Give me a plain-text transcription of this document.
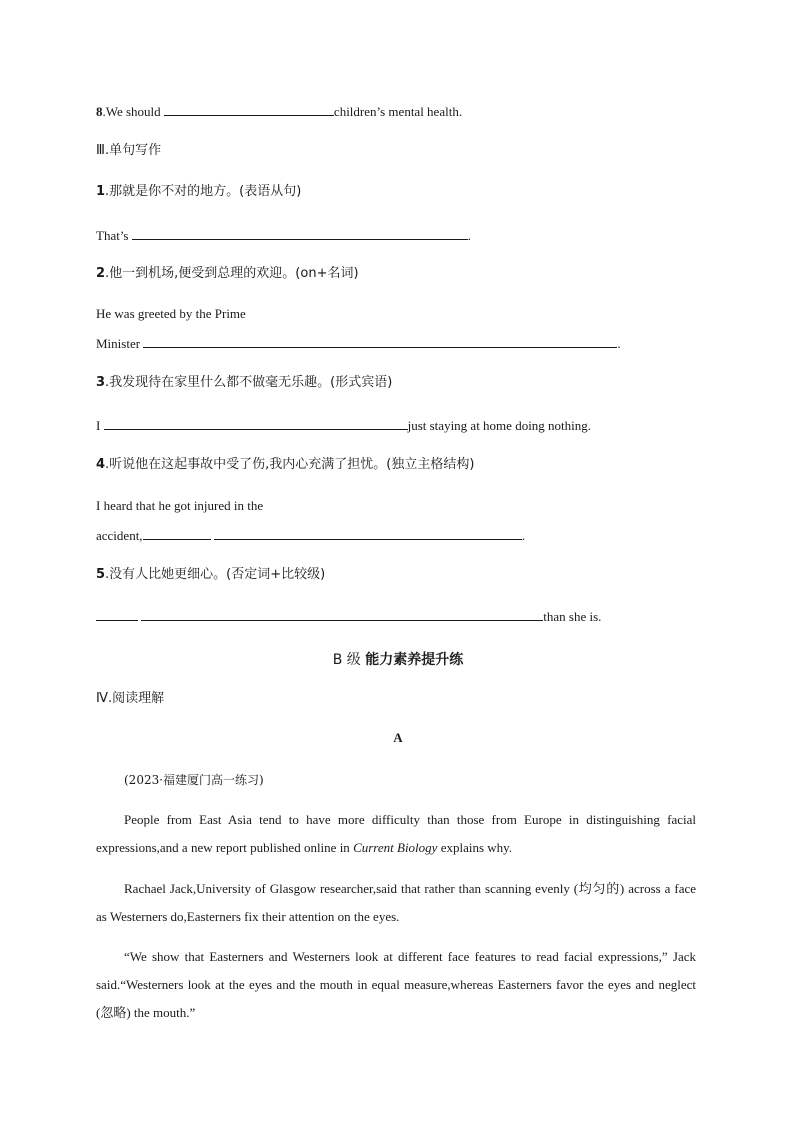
8.We should	children’s mental health.
Ⅲ.单句写作
1.那就是你不对的地方。(表语从句)
That’s	.
2.他一到机场,便受到总理的欢迎。(on+名词)
He was greeted by the Prime
Minister	.
3.我发现待在家里什么都不做毫无乐趣。(形式宾语)
I	just staying at home doing nothing.
4.听说他在这起事故中受了伤,我内心充满了担忧。(独立主格结构)
I heard that he got injured in the
accident,	.
5.没有人比她更细心。(否定词+比较级)
than she is.
B 级 能力素养提升练
Ⅳ.阅读理解
A
(2023·福建厦门高一练习)
People from East Asia tend to have more difficulty than those from Europe in distinguishing facial expressions,and a new report published online in Current Biology explains why.
Rachael Jack,University of Glasgow researcher,said that rather than scanning evenly (均匀的) across a face as Westerners do,Easterners fix their attention on the eyes.
“We show that Easterners and Westerners look at different face features to read facial expressions,” Jack said.“Westerners look at the eyes and the mouth in equal measure,whereas Easterners favor the eyes and neglect (忽略) the mouth.”
